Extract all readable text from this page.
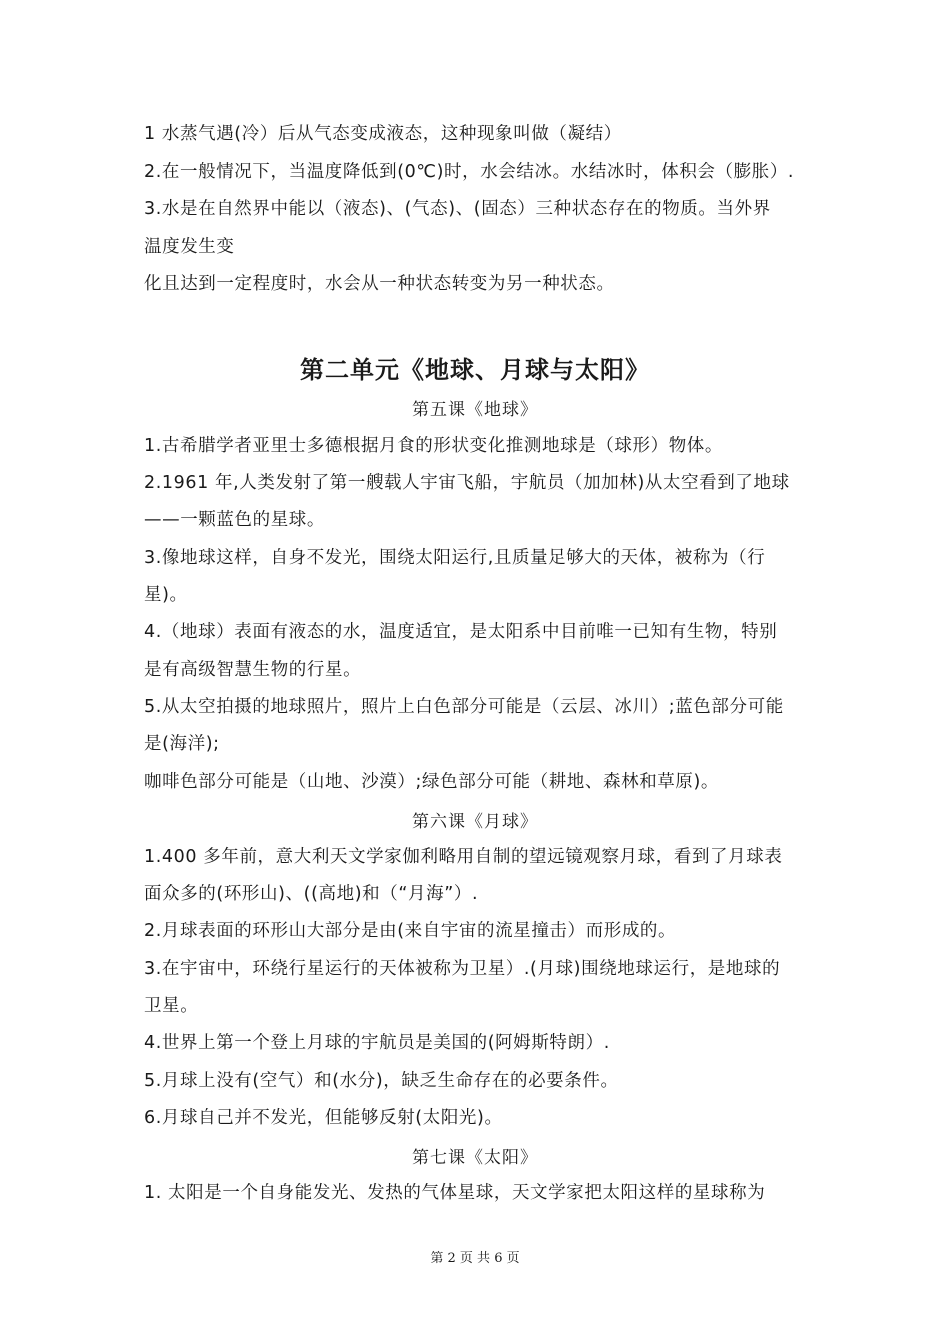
1 水蒸气遇(冷）后从气态变成液态，这种现象叫做（凝结）
2.在一般情况下，当温度降低到(0℃)时，水会结冰。水结冰时，体积会（膨胀）.
3.水是在自然界中能以（液态)、(气态)、(固态）三种状态存在的物质。当外界
温度发生变
化且达到一定程度时，水会从一种状态转变为另一种状态。
第二单元《地球、月球与太阳》
第五课《地球》
1.古希腊学者亚里士多德根据月食的形状变化推测地球是（球形）物体。
2.1961 年,人类发射了第一艘载人宇宙飞船，宇航员（加加林)从太空看到了地球
——一颗蓝色的星球。
3.像地球这样，自身不发光，围绕太阳运行,且质量足够大的天体，被称为（行
星)。
4.（地球）表面有液态的水，温度适宜，是太阳系中目前唯一已知有生物，特别
是有高级智慧生物的行星。
5.从太空拍摄的地球照片，照片上白色部分可能是（云层、冰川）;蓝色部分可能
是(海洋);
咖啡色部分可能是（山地、沙漠）;绿色部分可能（耕地、森林和草原)。
第六课《月球》
1.400 多年前，意大利天文学家伽利略用自制的望远镜观察月球，看到了月球表
面众多的(环形山)、((高地)和（“月海”）.
2.月球表面的环形山大部分是由(来自宇宙的流星撞击）而形成的。
3.在宇宙中，环绕行星运行的天体被称为卫星）.(月球)围绕地球运行，是地球的
卫星。
4.世界上第一个登上月球的宇航员是美国的(阿姆斯特朗）.
5.月球上没有(空气）和(水分)，缺乏生命存在的必要条件。
6.月球自己并不发光，但能够反射(太阳光)。
第七课《太阳》
1. 太阳是一个自身能发光、发热的气体星球，天文学家把太阳这样的星球称为
第 2 页 共 6 页
